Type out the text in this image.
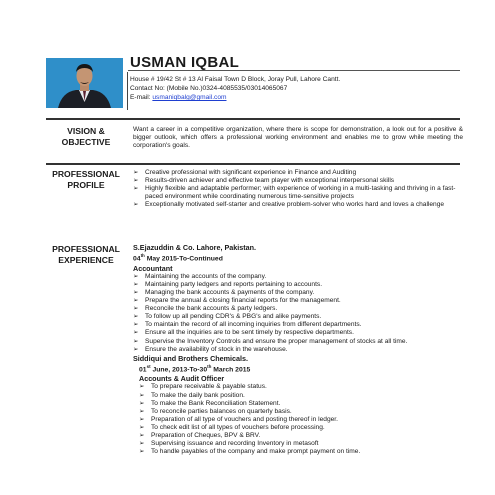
USMAN IQBAL
House # 19/42 St # 13 Al Faisal Town D Block, Joray Pull, Lahore Cantt.
Contact No: (Mobile No.)0324-4085535/03014065067
E-mail: usmaniqbalg@gmail.com
VISION &
OBJECTIVE
Want a career in a competitive organization, where there is scope for demonstration, a look out for a positive & bigger outlook, which offers a professional working environment and enables me to grow while meeting the corporation's goals.
PROFESSIONAL
PROFILE
➢ Creative professional with significant experience in Finance and Auditing
➢ Results-driven achiever and effective team player with exceptional interpersonal skills
➢ Highly flexible and adaptable performer; with experience of working in a multi-tasking and thriving in a fast-paced environment while coordinating numerous time-sensitive projects
➢ Exceptionally motivated self-starter and creative problem-solver who works hard and loves a challenge
PROFESSIONAL
EXPERIENCE
S.Ejazuddin & Co. Lahore, Pakistan.
04th May 2015-To-Continued
Accountant
➢ Maintaining the accounts of the company.
➢ Maintaining party ledgers and reports pertaining to accounts.
➢ Managing the bank accounts & payments of the company.
➢ Prepare the annual & closing financial reports for the management.
➢ Reconcile the bank accounts & party ledgers.
➢ To follow up all pending CDR's & PBG's and alike payments.
➢ To maintain the record of all incoming inquiries from different departments.
➢ Ensure all the inquiries are to be sent timely by respective departments.
➢ Supervise the Inventory Controls and ensure the proper management of stocks at all time.
➢ Ensure the availability of stock in the warehouse.
Siddiqui and Brothers Chemicals.
01st June, 2013-To-30th March 2015
Accounts & Audit Officer
➢ To prepare receivable & payable status.
➢ To make the daily bank position.
➢ To make the Bank Reconciliation Statement.
➢ To reconcile parties balances on quarterly basis.
➢ Preparation of all type of vouchers and posting thereof in ledger.
➢ To check edit list of all types of vouchers before processing.
➢ Preparation of Cheques, BPV & BRV.
➢ Supervising issuance and recording Inventory in metasoft
➢ To handle payables of the company and make prompt payment on time.
